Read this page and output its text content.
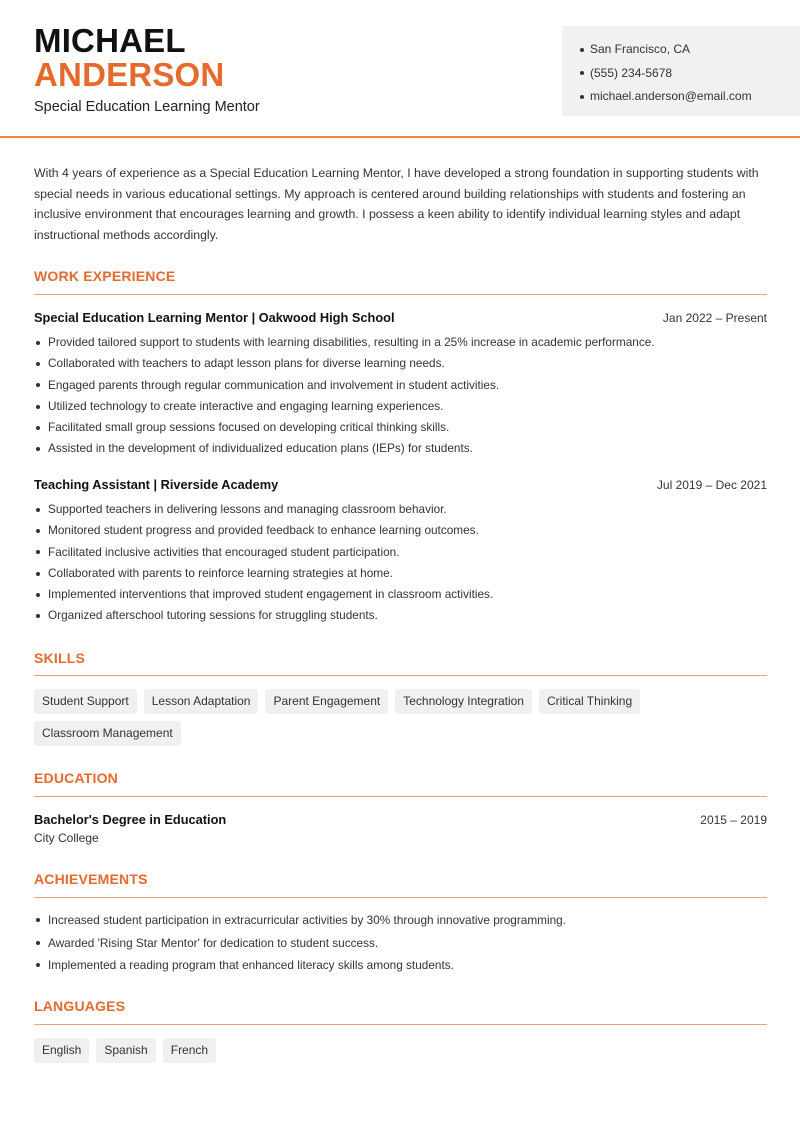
MICHAEL
ANDERSON
Special Education Learning Mentor
San Francisco, CA
(555) 234-5678
michael.anderson@email.com

With 4 years of experience as a Special Education Learning Mentor, I have developed a strong foundation in supporting students with special needs in various educational settings. My approach is centered around building relationships with students and fostering an inclusive environment that encourages learning and growth. I possess a keen ability to identify individual learning styles and adapt instructional methods accordingly.

WORK EXPERIENCE
Special Education Learning Mentor | Oakwood High School	Jan 2022 – Present
Provided tailored support to students with learning disabilities, resulting in a 25% increase in academic performance.
Collaborated with teachers to adapt lesson plans for diverse learning needs.
Engaged parents through regular communication and involvement in student activities.
Utilized technology to create interactive and engaging learning experiences.
Facilitated small group sessions focused on developing critical thinking skills.
Assisted in the development of individualized education plans (IEPs) for students.
Teaching Assistant | Riverside Academy	Jul 2019 – Dec 2021
Supported teachers in delivering lessons and managing classroom behavior.
Monitored student progress and provided feedback to enhance learning outcomes.
Facilitated inclusive activities that encouraged student participation.
Collaborated with parents to reinforce learning strategies at home.
Implemented interventions that improved student engagement in classroom activities.
Organized afterschool tutoring sessions for struggling students.
SKILLS
Student Support	Lesson Adaptation	Parent Engagement	Technology Integration	Critical Thinking
Classroom Management
EDUCATION
Bachelor's Degree in Education	2015 – 2019
City College
ACHIEVEMENTS
Increased student participation in extracurricular activities by 30% through innovative programming.
Awarded 'Rising Star Mentor' for dedication to student success.
Implemented a reading program that enhanced literacy skills among students.
LANGUAGES
English	Spanish	French
